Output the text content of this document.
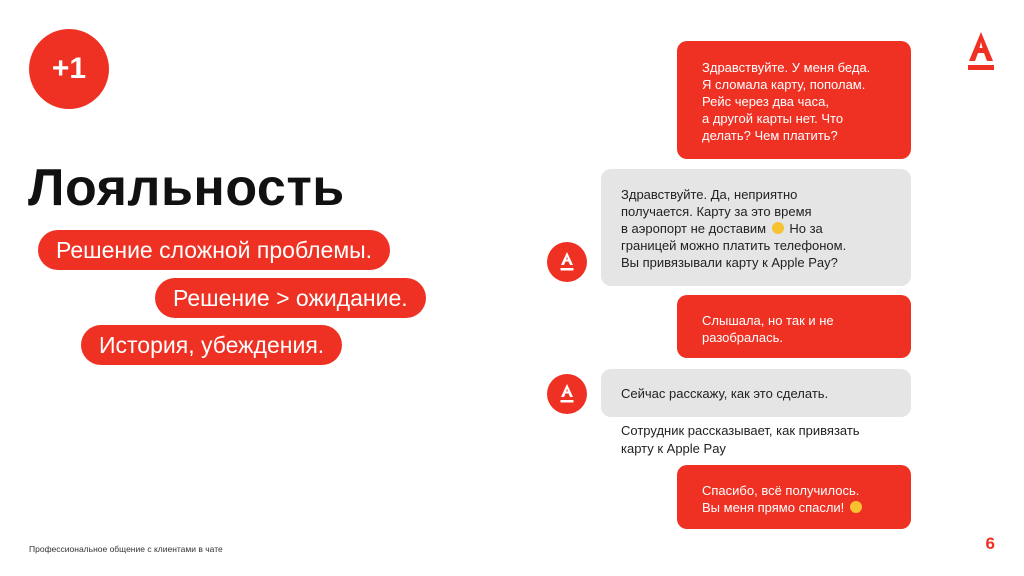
+1
Лояльность
Решение сложной проблемы.
Решение > ожидание.
История, убеждения.
Здравствуйте. У меня беда.
Я сломала карту, пополам.
Рейс через два часа,
а другой карты нет. Что
делать? Чем платить?
Здравствуйте. Да, неприятно
получается. Карту за это время
в аэропорт не доставим  Но за
границей можно платить телефоном.
Вы привязывали карту к Apple Pay?
Слышала, но так и не
разобралась.
Сейчас расскажу, как это сделать.
Сотрудник рассказывает, как привязать
карту к Apple Pay
Спасибо, всё получилось.
Вы меня прямо спасли!
Профессиональное общение с клиентами в чате	6
